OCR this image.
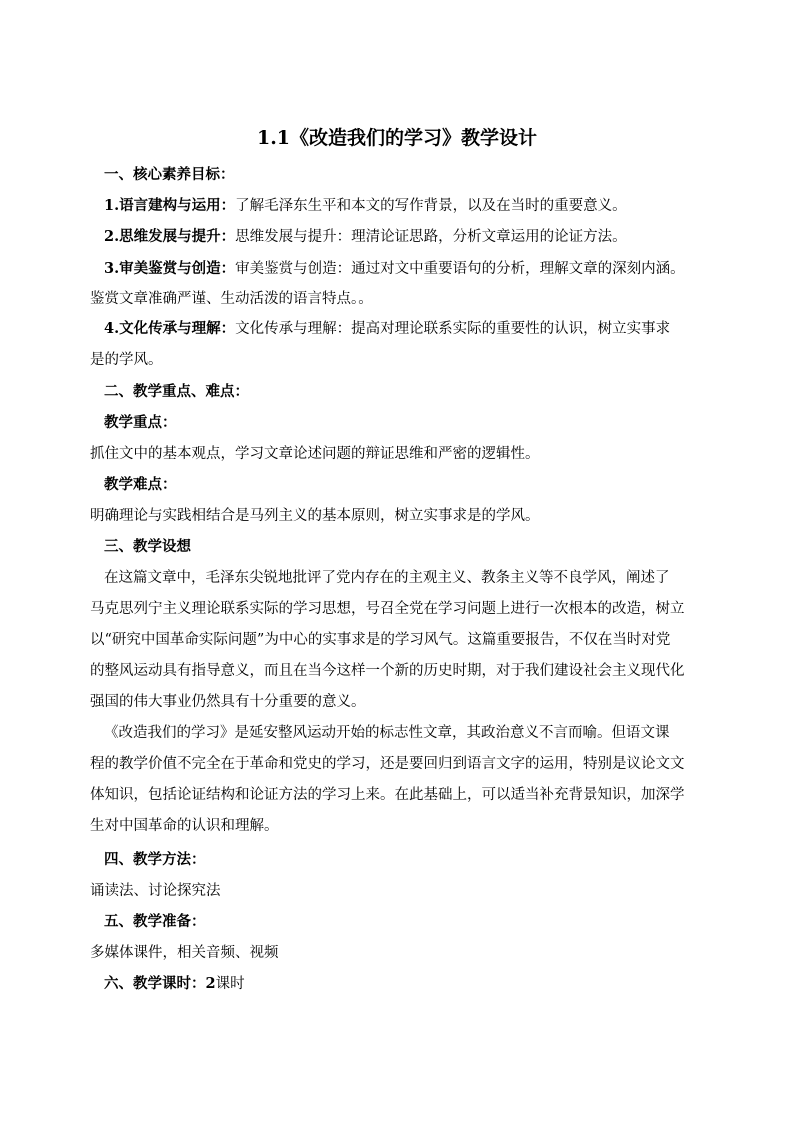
1.1《改造我们的学习》教学设计
一、核心素养目标：
1.语言建构与运用：了解毛泽东生平和本文的写作背景，以及在当时的重要意义。
2.思维发展与提升：思维发展与提升：理清论证思路，分析文章运用的论证方法。
3.审美鉴赏与创造：审美鉴赏与创造：通过对文中重要语句的分析，理解文章的深刻内涵。
鉴赏文章准确严谨、生动活泼的语言特点。。
4.文化传承与理解：文化传承与理解：提高对理论联系实际的重要性的认识，树立实事求
是的学风。
二、教学重点、难点：
教学重点：
抓住文中的基本观点，学习文章论述问题的辩证思维和严密的逻辑性。
教学难点：
明确理论与实践相结合是马列主义的基本原则，树立实事求是的学风。
三、教学设想
在这篇文章中，毛泽东尖锐地批评了党内存在的主观主义、教条主义等不良学风，阐述了
马克思列宁主义理论联系实际的学习思想，号召全党在学习问题上进行一次根本的改造，树立
以“研究中国革命实际问题”为中心的实事求是的学习风气。这篇重要报告，不仅在当时对党
的整风运动具有指导意义，而且在当今这样一个新的历史时期，对于我们建设社会主义现代化
强国的伟大事业仍然具有十分重要的意义。
《改造我们的学习》是延安整风运动开始的标志性文章，其政治意义不言而喻。但语文课
程的教学价值不完全在于革命和党史的学习，还是要回归到语言文字的运用，特别是议论文文
体知识，包括论证结构和论证方法的学习上来。在此基础上，可以适当补充背景知识，加深学
生对中国革命的认识和理解。
四、教学方法：
诵读法、讨论探究法
五、教学准备：
多媒体课件，相关音频、视频
六、教学课时：2课时
